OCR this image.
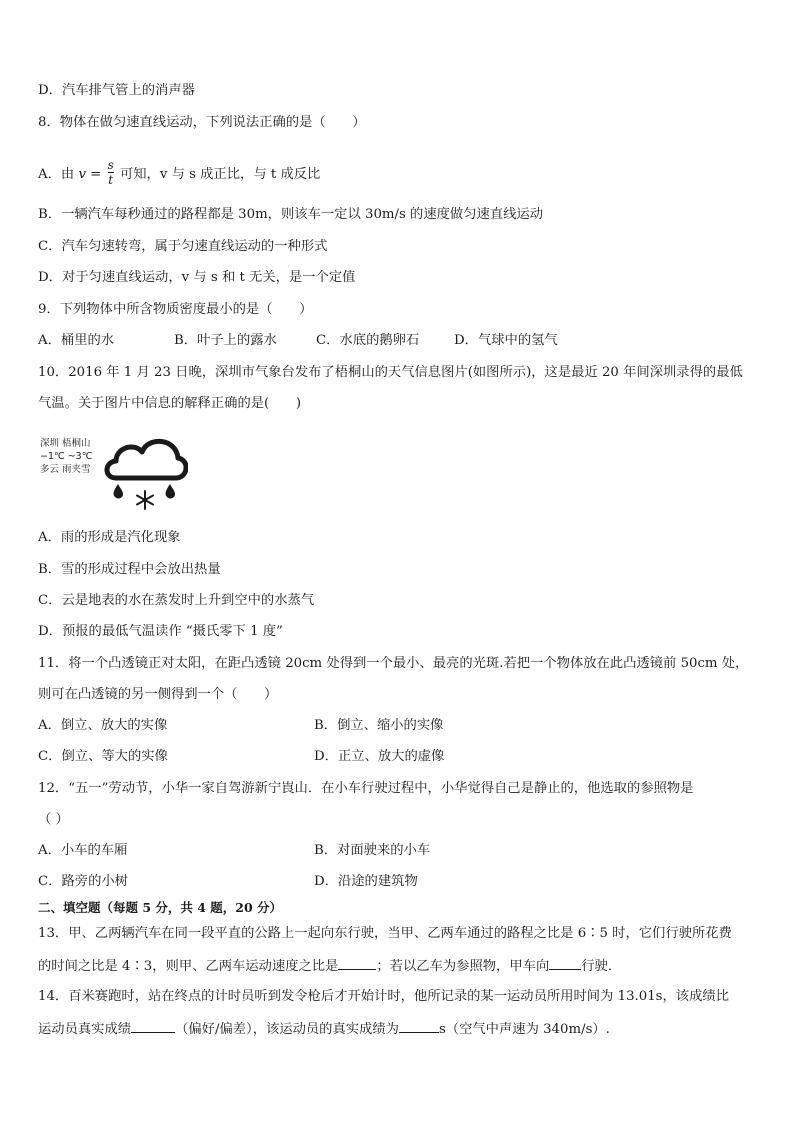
D．汽车排气管上的消声器
8．物体在做匀速直线运动，下列说法正确的是（　　）
A．由 $v = \frac{s}{t}$ 可知，v 与 s 成正比，与 t 成反比
B．一辆汽车每秒通过的路程都是 30m，则该车一定以 30m/s 的速度做匀速直线运动
C．汽车匀速转弯，属于匀速直线运动的一种形式
D．对于匀速直线运动，v 与 s 和 t 无关，是一个定值
9．下列物体中所含物质密度最小的是（　　）
A．桶里的水	B．叶子上的露水	C．水底的鹅卵石	D．气球中的氢气
10．2016 年 1 月 23 日晚，深圳市气象台发布了梧桐山的天气信息图片(如图所示)，这是最近 20 年间深圳录得的最低
气温。关于图片中信息的解释正确的是(　　)
深圳 梧桐山
−1℃ ~3℃
多云 雨夹雪
A．雨的形成是汽化现象
B．雪的形成过程中会放出热量
C．云是地表的水在蒸发时上升到空中的水蒸气
D．预报的最低气温读作 “摄氏零下 1 度”
11．将一个凸透镜正对太阳，在距凸透镜 20cm 处得到一个最小、最亮的光斑.若把一个物体放在此凸透镜前 50cm 处，
则可在凸透镜的另一侧得到一个（　　）
A．倒立、放大的实像	B．倒立、缩小的实像
C．倒立、等大的实像	D．正立、放大的虚像
12．“五一”劳动节，小华一家自驾游新宁崀山．在小车行驶过程中，小华觉得自己是静止的，他选取的参照物是
（ ）
A．小车的车厢	B．对面驶来的小车
C．路旁的小树	D．沿途的建筑物
二、填空题（每题 5 分，共 4 题，20 分）
13．甲、乙两辆汽车在同一段平直的公路上一起向东行驶，当甲、乙两车通过的路程之比是 6∶5 时，它们行驶所花费
的时间之比是 4∶3，则甲、乙两车运动速度之比是	；若以乙车为参照物，甲车向 行驶．
14．百米赛跑时，站在终点的计时员听到发令枪后才开始计时，他所记录的某一运动员所用时间为 13.01s，该成绩比
运动员真实成绩	（偏好/偏差），该运动员的真实成绩为	s（空气中声速为 340m/s）.
